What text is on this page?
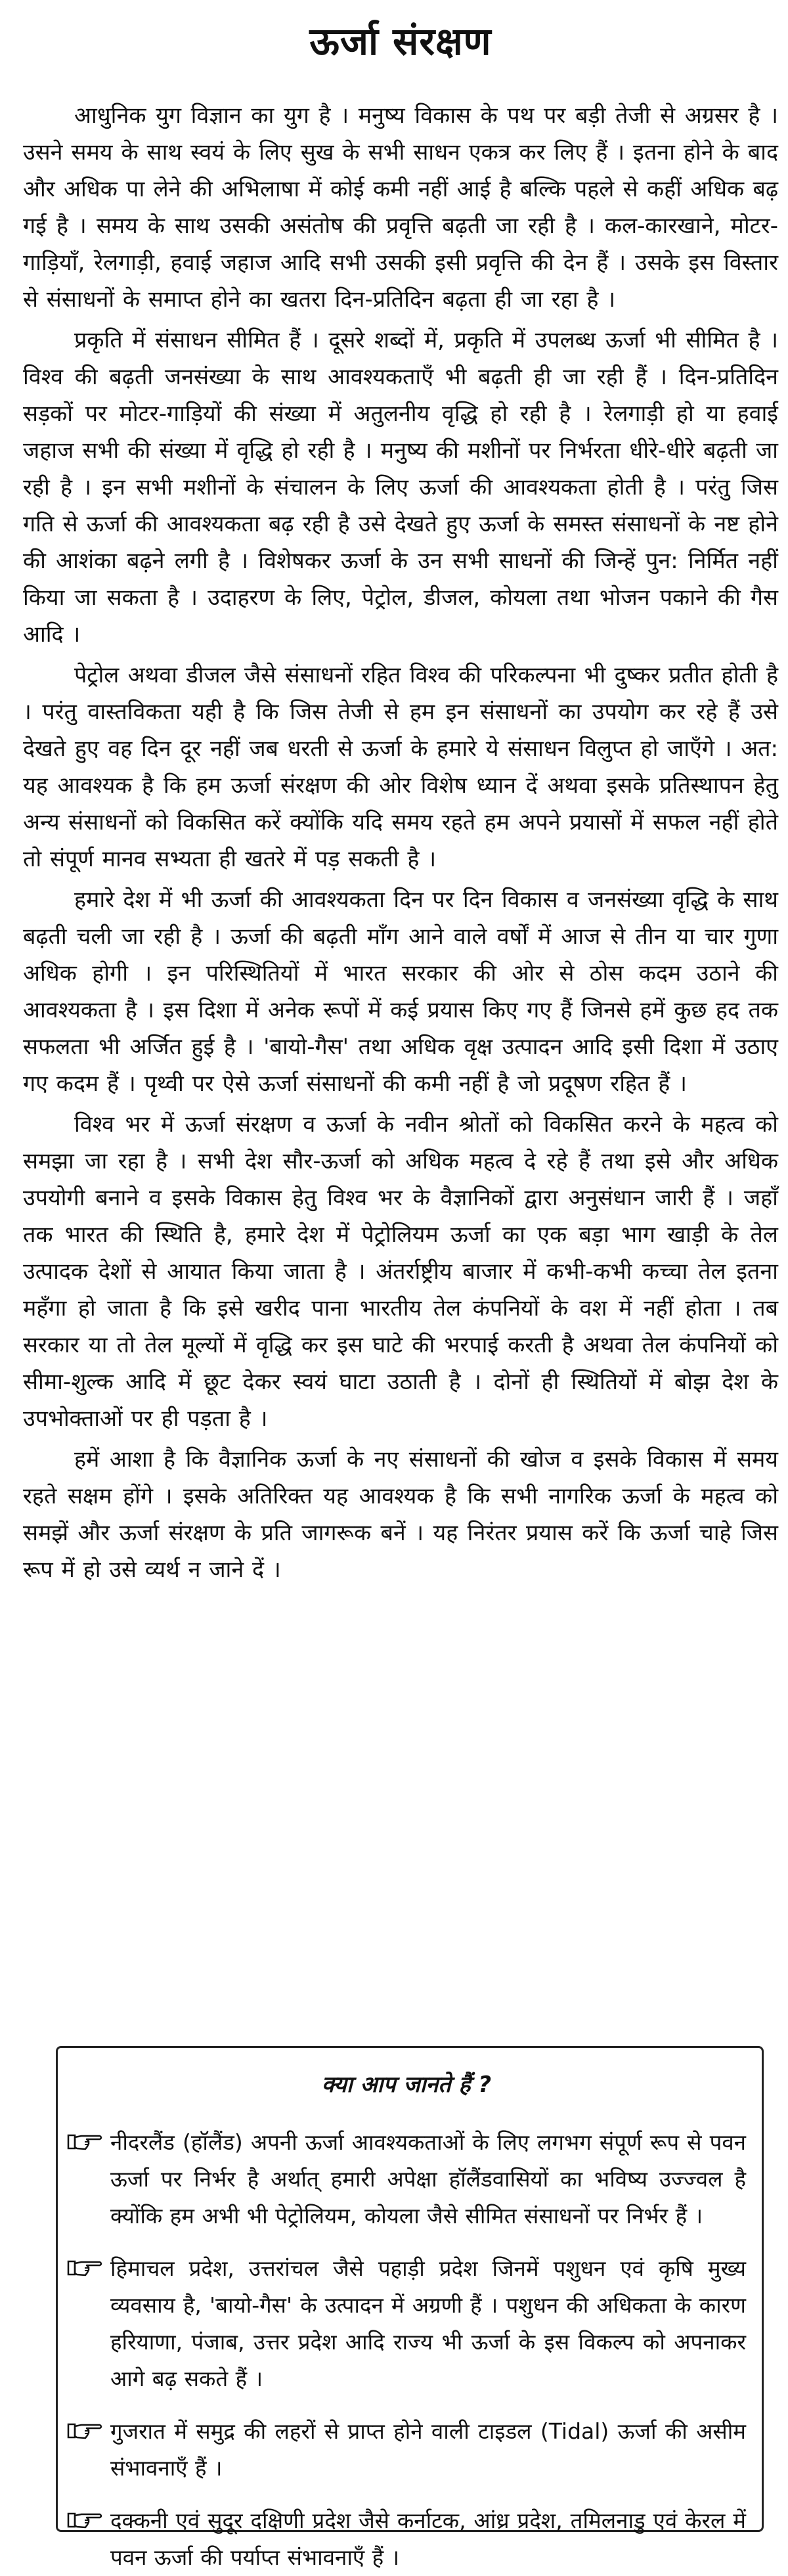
ऊर्जा संरक्षण

आधुनिक युग विज्ञान का युग है । मनुष्य विकास के पथ पर बड़ी तेजी से अग्रसर है । उसने समय के साथ स्वयं के लिए सुख के सभी साधन एकत्र कर लिए हैं । इतना होने के बाद और अधिक पा लेने की अभिलाषा में कोई कमी नहीं आई है बल्कि पहले से कहीं अधिक बढ़ गई है । समय के साथ उसकी असंतोष की प्रवृत्ति बढ़ती जा रही है । कल-कारखाने, मोटर-गाड़ियाँ, रेलगाड़ी, हवाई जहाज आदि सभी उसकी इसी प्रवृत्ति की देन हैं । उसके इस विस्तार से संसाधनों के समाप्त होने का खतरा दिन-प्रतिदिन बढ़ता ही जा रहा है ।

प्रकृति में संसाधन सीमित हैं । दूसरे शब्दों में, प्रकृति में उपलब्ध ऊर्जा भी सीमित है । विश्व की बढ़ती जनसंख्या के साथ आवश्यकताएँ भी बढ़ती ही जा रही हैं । दिन-प्रतिदिन सड़कों पर मोटर-गाड़ियों की संख्या में अतुलनीय वृद्धि हो रही है । रेलगाड़ी हो या हवाई जहाज सभी की संख्या में वृद्धि हो रही है । मनुष्य की मशीनों पर निर्भरता धीरे-धीरे बढ़ती जा रही है । इन सभी मशीनों के संचालन के लिए ऊर्जा की आवश्यकता होती है । परंतु जिस गति से ऊर्जा की आवश्यकता बढ़ रही है उसे देखते हुए ऊर्जा के समस्त संसाधनों के नष्ट होने की आशंका बढ़ने लगी है । विशेषकर ऊर्जा के उन सभी साधनों की जिन्हें पुन: निर्मित नहीं किया जा सकता है । उदाहरण के लिए, पेट्रोल, डीजल, कोयला तथा भोजन पकाने की गैस आदि ।

पेट्रोल अथवा डीजल जैसे संसाधनों रहित विश्व की परिकल्पना भी दुष्कर प्रतीत होती है । परंतु वास्तविकता यही है कि जिस तेजी से हम इन संसाधनों का उपयोग कर रहे हैं उसे देखते हुए वह दिन दूर नहीं जब धरती से ऊर्जा के हमारे ये संसाधन विलुप्त हो जाएँगे । अत: यह आवश्यक है कि हम ऊर्जा संरक्षण की ओर विशेष ध्यान दें अथवा इसके प्रतिस्थापन हेतु अन्य संसाधनों को विकसित करें क्योंकि यदि समय रहते हम अपने प्रयासों में सफल नहीं होते तो संपूर्ण मानव सभ्यता ही खतरे में पड़ सकती है ।

हमारे देश में भी ऊर्जा की आवश्यकता दिन पर दिन विकास व जनसंख्या वृद्धि के साथ बढ़ती चली जा रही है । ऊर्जा की बढ़ती माँग आने वाले वर्षों में आज से तीन या चार गुणा अधिक होगी । इन परिस्थितियों में भारत सरकार की ओर से ठोस कदम उठाने की आवश्यकता है । इस दिशा में अनेक रूपों में कई प्रयास किए गए हैं जिनसे हमें कुछ हद तक सफलता भी अर्जित हुई है । 'बायो-गैस' तथा अधिक वृक्ष उत्पादन आदि इसी दिशा में उठाए गए कदम हैं । पृथ्वी पर ऐसे ऊर्जा संसाधनों की कमी नहीं है जो प्रदूषण रहित हैं ।

विश्व भर में ऊर्जा संरक्षण व ऊर्जा के नवीन श्रोतों को विकसित करने के महत्व को समझा जा रहा है । सभी देश सौर-ऊर्जा को अधिक महत्व दे रहे हैं तथा इसे और अधिक उपयोगी बनाने व इसके विकास हेतु विश्व भर के वैज्ञानिकों द्वारा अनुसंधान जारी हैं । जहाँ तक भारत की स्थिति है, हमारे देश में पेट्रोलियम ऊर्जा का एक बड़ा भाग खाड़ी के तेल उत्पादक देशों से आयात किया जाता है । अंतर्राष्ट्रीय बाजार में कभी-कभी कच्चा तेल इतना महँगा हो जाता है कि इसे खरीद पाना भारतीय तेल कंपनियों के वश में नहीं होता । तब सरकार या तो तेल मूल्यों में वृद्धि कर इस घाटे की भरपाई करती है अथवा तेल कंपनियों को सीमा-शुल्क आदि में छूट देकर स्वयं घाटा उठाती है । दोनों ही स्थितियों में बोझ देश के उपभोक्ताओं पर ही पड़ता है ।

हमें आशा है कि वैज्ञानिक ऊर्जा के नए संसाधनों की खोज व इसके विकास में समय रहते सक्षम होंगे । इसके अतिरिक्त यह आवश्यक है कि सभी नागरिक ऊर्जा के महत्व को समझें और ऊर्जा संरक्षण के प्रति जागरूक बनें । यह निरंतर प्रयास करें कि ऊर्जा चाहे जिस रूप में हो उसे व्यर्थ न जाने दें ।

क्या आप जानते हैं ?
नीदरलैंड (हॉलैंड) अपनी ऊर्जा आवश्यकताओं के लिए लगभग संपूर्ण रूप से पवन ऊर्जा पर निर्भर है अर्थात् हमारी अपेक्षा हॉलैंडवासियों का भविष्य उज्ज्वल है क्योंकि हम अभी भी पेट्रोलियम, कोयला जैसे सीमित संसाधनों पर निर्भर हैं ।
हिमाचल प्रदेश, उत्तरांचल जैसे पहाड़ी प्रदेश जिनमें पशुधन एवं कृषि मुख्य व्यवसाय है, 'बायो-गैस' के उत्पादन में अग्रणी हैं । पशुधन की अधिकता के कारण हरियाणा, पंजाब, उत्तर प्रदेश आदि राज्य भी ऊर्जा के इस विकल्प को अपनाकर आगे बढ़ सकते हैं ।
गुजरात में समुद्र की लहरों से प्राप्त होने वाली टाइडल (Tidal) ऊर्जा की असीम संभावनाएँ हैं ।
दक्कनी एवं सुदूर दक्षिणी प्रदेश जैसे कर्नाटक, आंध्र प्रदेश, तमिलनाडु एवं केरल में पवन ऊर्जा की पर्याप्त संभावनाएँ हैं ।
